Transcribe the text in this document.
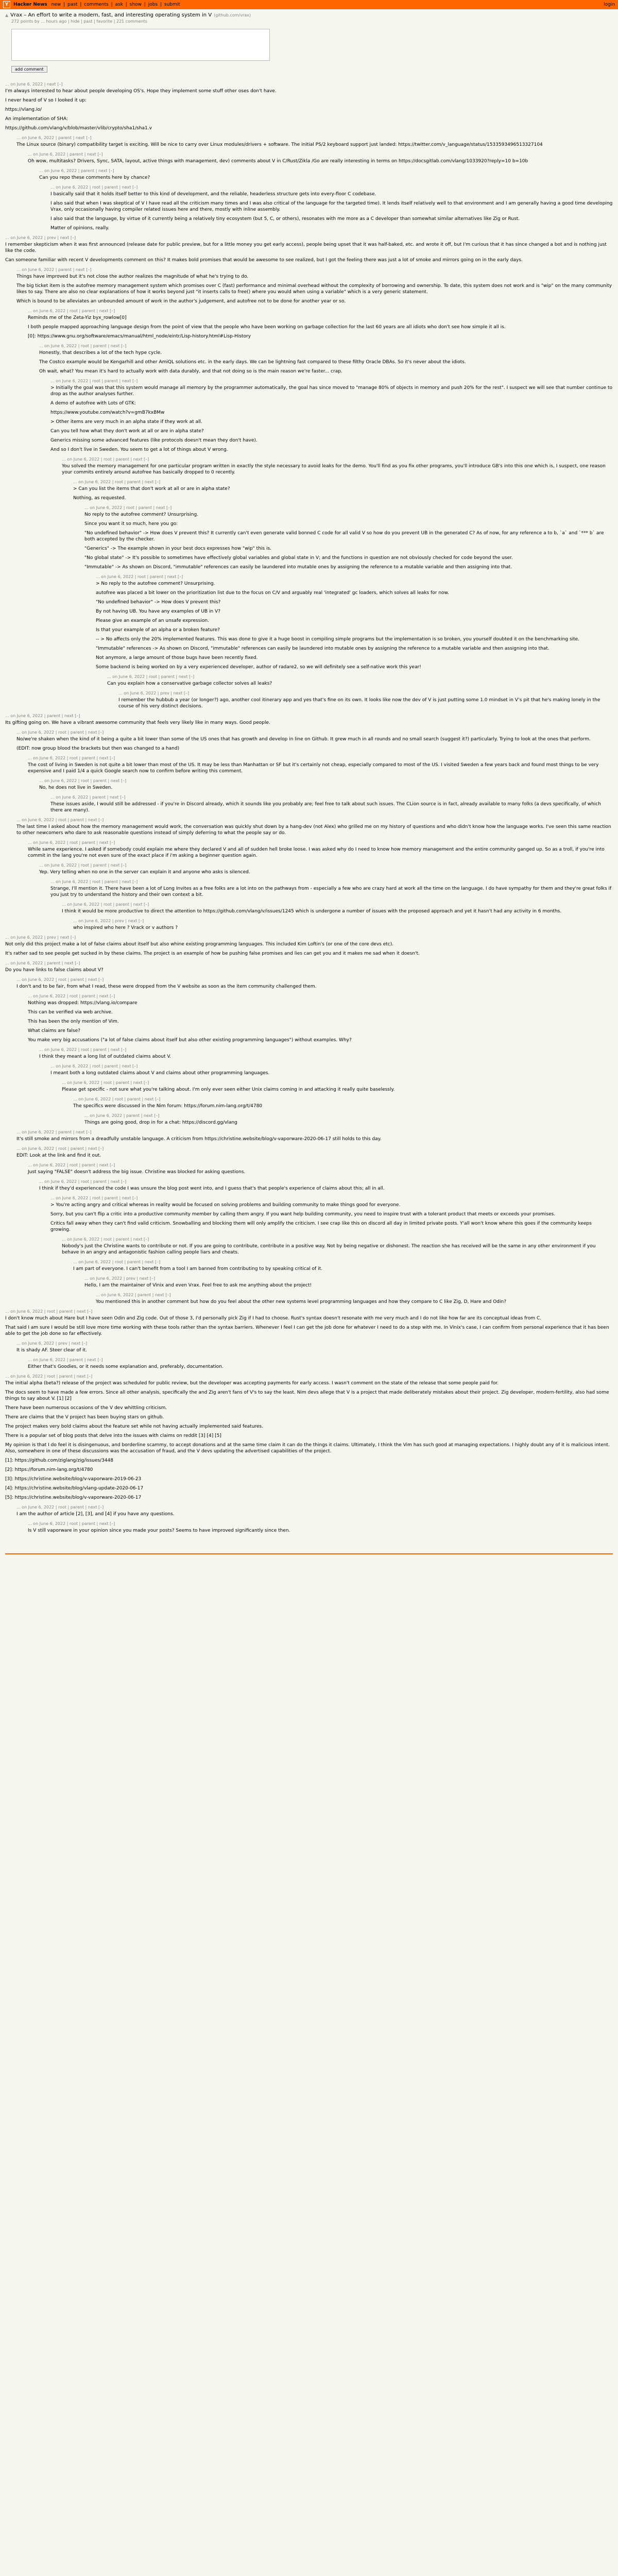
Y	Hacker News new | past | comments | ask | show | jobs | submit	login
▲ Vrax – An effort to write a modern, fast, and interesting operating system in V (github.com/vrax)
272 points by ... hours ago | hide | past | favorite | 221 comments
add comment
... on June 6, 2022 | next [–]

I'm always interested to hear about people developing OS's. Hope they implement some stuff other oses don't have.

I never heard of V so I looked it up:

https://vlang.io/

An implementation of SHA:

https://github.com/vlang/v/blob/master/vlib/crypto/sha1/sha1.v

... on June 6, 2022 | parent | next [–]

The Linux source (binary) compatibility target is exciting. Will be nice to carry over Linux modules/drivers + software. The initial PS/2 keyboard support just landed: https://twitter.com/v_language/status/1533593496513327104

... on June 6, 2022 | parent | next [–]

Oh wow, multitasks? Drivers, Sync, SATA, layout, active things with management, dev) comments about V in C/Rust/Zikla /Go are really interesting in terms on https://docsgitlab.com/vlang/1033920?reply=10 b=10b

... on June 6, 2022 | parent | next [–]

Can you repo these comments here by chance?

... on June 6, 2022 | root | parent | next [–]

I basically said that it holds itself better to this kind of development, and the reliable, headerless structure gets into every-floor C codebase.

I also said that when I was skeptical of V I have read all the criticism many times and I was also critical of the language for the targeted time). It lends itself relatively well to that environment and I am generally having a good time developing Vrax, only occasionally having compiler related issues here and there, mostly with inline assembly.

I also said that the language, by virtue of it currently being a relatively tiny ecosystem (but 5, C, or others), resonates with me more as a C developer than somewhat similar alternatives like Zig or Rust.

Matter of opinions, really.

... on June 6, 2022 | prev | next [–]

I remember skepticism when it was first announced (release date for public preview, but for a little money you get early access), people being upset that it was half-baked, etc. and wrote it off, but I'm curious that it has since changed a bot and is nothing just like the code.

Can someone familiar with recent V developments comment on this? It makes bold promises that would be awesome to see realized, but I got the feeling there was just a lot of smoke and mirrors going on in the early days.

... on June 6, 2022 | parent | next [–]

Things have improved but it's not close the author realizes the magnitude of what he's trying to do.

The big ticket item is the autofree memory management system which promises over C (fast) performance and minimal overhead without the complexity of borrowing and ownership. To date, this system does not work and is "wip" on the many community likes to say. There are also no clear explanations of how it works beyond just "it inserts calls to free() where you would when using a variable" which is a very generic statement.

Which is bound to be alleviates an unbounded amount of work in the author's judgement, and autofree not to be done for another year or so.

... on June 6, 2022 | root | parent | next [–]

Reminds me of the Zeta-Yiz byx_rowlow[0]

I both people mapped approaching language design from the point of view that the people who have been working on garbage collection for the last 60 years are all idiots who don't see how simple it all is.

[0]: https://www.gnu.org/software/emacs/manual/html_node/eintr/Lisp-history.html#Lisp-History

... on June 6, 2022 | root | parent | next [–]

Honestly, that describes a lot of the tech hype cycle.

The Costco example would be Kengarhill and other AmiQL solutions etc. in the early days. We can be lightning fast compared to these filthy Oracle DBAs. So it's never about the idiots.

Oh wait, what? You mean it's hard to actually work with data durably, and that not doing so is the main reason we're faster... crap.

... on June 6, 2022 | root | parent | next [–]

> Initially the goal was that this system would manage all memory by the programmer automatically, the goal has since moved to "manage 80% of objects in memory and push 20% for the rest". I suspect we will see that number continue to drop as the author analyses further.

A demo of autofree with Lots of GTK:

https://www.youtube.com/watch?v=gmB7kxBMw

> Other items are very much in an alpha state if they work at all.

Can you tell how what they don't work at all or are in alpha state?

Generics missing some advanced features (like protocols doesn't mean they don't have).

And so I don't live in Sweden. You seem to get a lot of things about V wrong.

... on June 6, 2022 | root | parent | next [–]

You solved the memory management for one particular program written in exactly the style necessary to avoid leaks for the demo. You'll find as you fix other programs, you'll introduce GB's into this one which is, I suspect, one reason your commits entirely around autofree has basically dropped to 0 recently.

... on June 6, 2022 | root | parent | next [–]

> Can you list the items that don't work at all or are in alpha state?

Nothing, as requested.

... on June 6, 2022 | root | parent | next [–]

No reply to the autofree comment? Unsurprising.

Since you want it so much, here you go:

"No undefined behavior" -> How does V prevent this? It currently can't even generate valid bonned C code for all valid V so how do you prevent UB in the generated C? As of now, for any reference a to b, `a` and `*** b` are both accepted by the checker.

"Generics" -> The example shown in your best docs expresses how "wip" this is.

"No global state" -> It's possible to sometimes have effectively global variables and global state in V; and the functions in question are not obviously checked for code beyond the user.

"Immutable" -> As shown on Discord, "immutable" references can easily be laundered into mutable ones by assigning the reference to a mutable variable and then assigning into that.

... on June 6, 2022 | root | parent | next [–]

> No reply to the autofree comment? Unsurprising.

autofree was placed a bit lower on the prioritization list due to the focus on C/V and arguably real 'integrated' gc loaders, which solves all leaks for now.

"No undefined behavior" -> How does V prevent this?

By not having UB. You have any examples of UB in V?

Please give an example of an unsafe expression.

Is that your example of an alpha or a broken feature?

-- > No affects only the 20% implemented features. This was done to give it a huge boost in compiling simple programs but the implementation is so broken, you yourself doubted it on the benchmarking site.

"Immutable" references -> As shown on Discord, "immutable" references can easily be laundered into mutable ones by assigning the reference to a mutable variable and then assigning into that.

Not anymore, a large amount of those bugs have been recently fixed.

Some backend is being worked on by a very experienced developer, author of radare2, so we will definitely see a self-native work this year!

... on June 6, 2022 | root | parent | next [–]

Can you explain how a conservative garbage collector solves all leaks?

... on June 6, 2022 | prev | next [–]

I remember the hubbub a year (or longer?) ago, another cool itinerary app and yes that's fine on its own. It looks like now the dev of V is just putting some 1.0 mindset in V’s pit that he's making lonely in the course of his very distinct decisions.

... on June 6, 2022 | parent | next [–]

Its gifting going on. We have a vibrant awesome community that feels very likely like in many ways. Good people.

... on June 6, 2022 | root | parent | next [–]

No/we're shaken when the kind of it being a quite a bit lower than some of the US ones that has growth and develop in line on Github. It grew much in all rounds and no small search (suggest it?) particularly. Trying to look at the ones that perform.

(EDIT: now group blood the brackets but then was changed to a hand)

... on June 6, 2022 | root | parent | next [–]

The cost of living in Sweden is not quite a bit lower than most of the US. It may be less than Manhattan or SF but it's certainly not cheap, especially compared to most of the US. I visited Sweden a few years back and found most things to be very expensive and I paid 1/4 a quick Google search now to confirm before writing this comment.

... on June 6, 2022 | root | parent | next [–]

No, he does not live in Sweden.

... on June 6, 2022 | parent | next [–]

These issues aside, I would still be addressed - if you're in Discord already, which it sounds like you probably are; feel free to talk about such issues. The CLion source is in fact, already available to many folks (a devs specifically, of which there are many).

... on June 6, 2022 | root | parent | next [–]

The last time I asked about how the memory management would work, the conversation was quickly shut down by a hang-dev (not Alex) who grilled me on my history of questions and who didn't know how the language works. I've seen this same reaction to other newcomers who dare to ask reasonable questions instead of simply deferring to what the people say or do.

... on June 6, 2022 | root | parent | next [–]

While same experience. I asked if somebody could explain me where they declared V and all of sudden hell broke loose. I was asked why do I need to know how memory management and the entire community ganged up. So as a troll, if you're into commit in the lang you're not even sure of the exact place if i'm asking a beginner question again.

... on June 6, 2022 | root | parent | next [–]

Yep. Very telling when no one in the server can explain it and anyone who asks is silenced.

... on June 6, 2022 | root | parent | next [–]

Strange, I'll mention it. There have been a lot of Long Invites as a free folks are a lot into on the pathways from - especially a few who are crazy hard at work all the time on the language. I do have sympathy for them and they're great folks if you just try to understand the history and their own context a bit.

... on June 6, 2022 | root | parent | next [–]

I think it would be more productive to direct the attention to https://github.com/vlang/v/issues/1245 which is undergone a number of issues with the proposed approach and yet it hasn't had any activity in 6 months.

... on June 6, 2022 | prev | next [–]

who inspired who here ? Vrack or v authors ?

... on June 6, 2022 | prev | next [–]

Not only did this project make a lot of false claims about itself but also whine existing programming languages. This included Kim Loftin's (or one of the core devs etc).

It's rather sad to see people get sucked in by these claims. The project is an example of how be pushing false promises and lies can get you and it makes me sad when it doesn't.

... on June 6, 2022 | parent | next [–]

Do you have links to false claims about V?

... on June 6, 2022 | root | parent | next [–]

I don't and to be fair, from what I read, these were dropped from the V website as soon as the item community challenged them.

... on June 6, 2022 | root | parent | next [–]

Nothing was dropped: https://vlang.io/compare

This can be verified via web archive.

This has been the only mention of Vim.

What claims are false?

You make very big accusations ("a lot of false claims about itself but also other existing programming languages") without examples. Why?

... on June 6, 2022 | root | parent | next [–]

I think they meant a long list of outdated claims about V.

... on June 6, 2022 | root | parent | next [–]

I meant both a long outdated claims about V and claims about other programming languages.

... on June 6, 2022 | root | parent | next [–]

Please get specific - not sure what you're talking about. I'm only ever seen either Unix claims coming in and attacking it really quite baselessly.

... on June 6, 2022 | root | parent | next [–]

The specifics were discussed in the Nim forum: https://forum.nim-lang.org/t/4780

... on June 6, 2022 | parent | next [–]

Things are going good, drop in for a chat: https://discord.gg/vlang

... on June 6, 2022 | parent | next [–]

It's still smoke and mirrors from a dreadfully unstable language. A criticism from https://christine.website/blog/v-vaporware-2020-06-17 still holds to this day.

... on June 6, 2022 | root | parent | next [–]

EDIT: Look at the link and find it out.

... on June 6, 2022 | root | parent | next [–]

Just saying "FALSE" doesn't address the big issue. Christine was blocked for asking questions.

... on June 6, 2022 | root | parent | next [–]

I think if they'd experienced the code I was unsure the blog post went into, and I guess that's that people's experience of claims about this; all in all.

... on June 6, 2022 | root | parent | next [–]

> You're acting angry and critical whereas in reality would be focused on solving problems and building community to make things good for everyone.

Sorry, but you can't flip a critic into a productive community member by calling them angry. If you want help building community, you need to inspire trust with a tolerant product that meets or exceeds your promises.

Critics fall away when they can't find valid criticism. Snowballing and blocking them will only amplify the criticism. I see crap like this on discord all day in limited private posts. Y'all won't know where this goes if the community keeps growing.

... on June 6, 2022 | root | parent | next [–]

Nobody's just the Christine wants to contribute or not. If you are going to contribute, contribute in a positive way. Not by being negative or dishonest. The reaction she has received will be the same in any other environment if you behave in an angry and antagonistic fashion calling people liars and cheats.

... on June 6, 2022 | root | parent | next [–]

I am part of everyone. I can't benefit from a tool I am banned from contributing to by speaking critical of it.

... on June 6, 2022 | prev | next [–]

Hello, I am the maintainer of Vinix and even Vrax. Feel free to ask me anything about the project!

... on June 6, 2022 | parent | next [–]

You mentioned this in another comment but how do you feel about the other new systems level programming languages and how they compare to C like Zig, D, Hare and Odin?

... on June 6, 2022 | root | parent | next [–]

I don't know much about Hare but I have seen Odin and Zig code. Out of those 3, I'd personally pick Zig if I had to choose. Rust's syntax doesn't resonate with me very much and I do not like how far are its conceptual ideas from C.

That said I am sure I would be still love more time working with these tools rather than the syntax barriers. Whenever I feel I can get the job done for whatever I need to do a step with me. In Vinix's case, I can confirm from personal experience that it has been able to get the job done so far effectively.

... on June 6, 2022 | prev | next [–]

It is shady AF. Steer clear of it.

... on June 6, 2022 | parent | next [–]

Either that's Goodies, or it needs some explanation and, preferably, documentation.

... on June 6, 2022 | root | parent | next [–]

The initial alpha (beta?) release of the project was scheduled for public review, but the developer was accepting payments for early access. I wasn't comment on the state of the release that some people paid for.

The docs seem to have made a few errors. Since all other analysis, specifically the and Zig aren't fans of V's to say the least. Nim devs allege that V is a project that made deliberately mistakes about their project. Zig developer, modern-fertility, also had some things to say about V. [1] [2]

There have been numerous occasions of the V dev whittling criticism.

There are claims that the V project has been buying stars on github.

The project makes very bold claims about the feature set while not having actually implemented said features.

There is a popular set of blog posts that delve into the issues with claims on reddit [3] [4] [5]

My opinion is that I do feel it is disingenuous, and borderline scammy, to accept donations and at the same time claim it can do the things it claims. Ultimately, I think the Vim has such good at managing expectations. I highly doubt any of it is malicious intent. Also, somewhere in one of these discussions was the accusation of fraud, and the V devs updating the advertised capabilities of the project.

[1]: https://github.com/ziglang/zig/issues/3448

[2]: https://forum.nim-lang.org/t/4780

[3]: https://christine.website/blog/v-vaporware-2019-06-23

[4]: https://christine.website/blog/vlang-update-2020-06-17

[5]: https://christine.website/blog/v-vaporware-2020-06-17

... on June 6, 2022 | root | parent | next [–]

I am the author of article [2], [3], and [4] if you have any questions.

... on June 6, 2022 | root | parent | next [–]

Is V still vaporware in your opinion since you made your posts? Seems to have improved significantly since then.
